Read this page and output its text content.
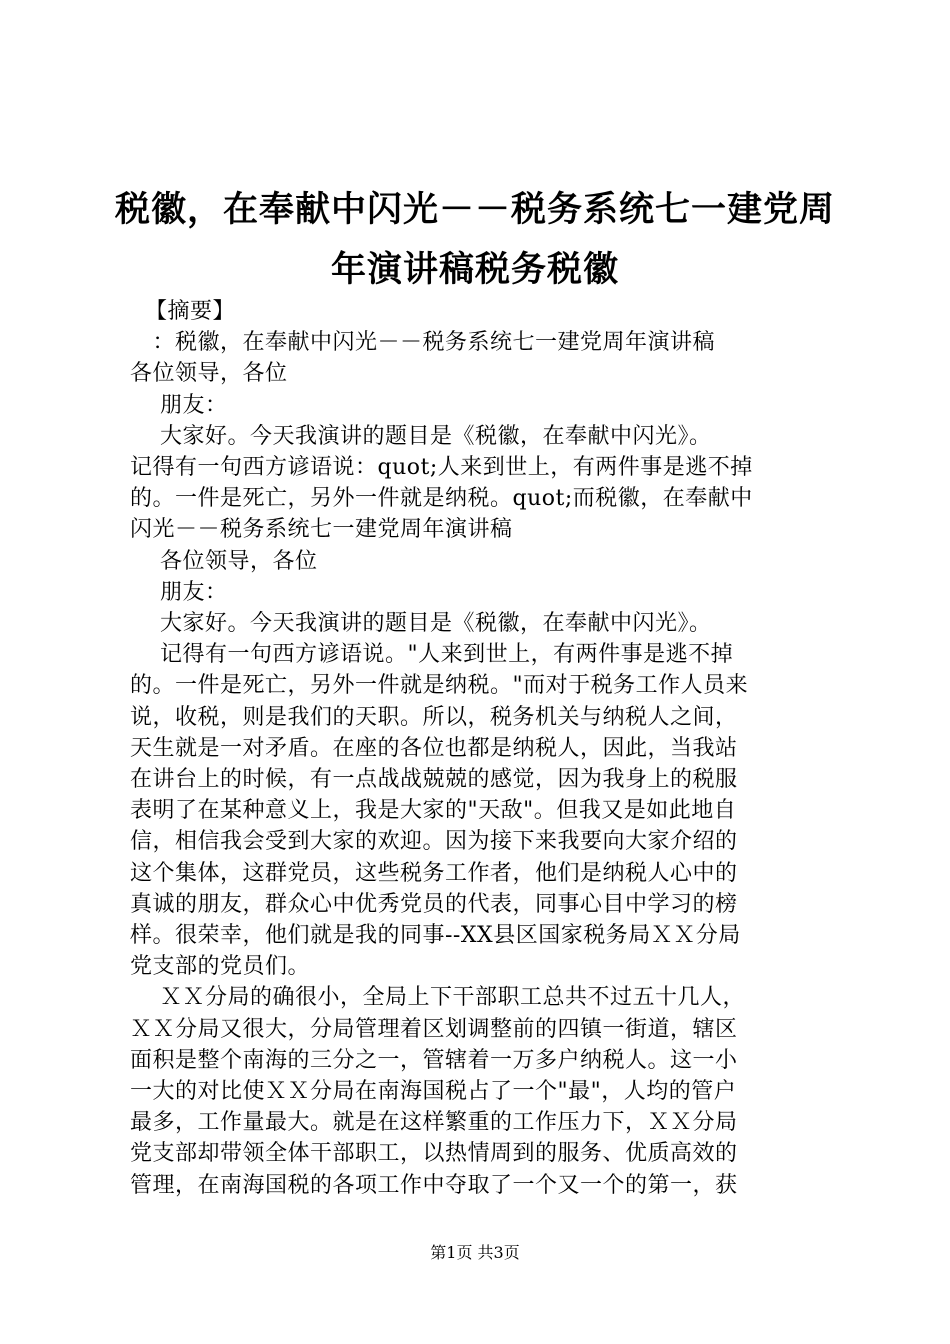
税徽，在奉献中闪光－－税务系统七一建党周
年演讲稿税务税徽

【摘要】

：税徽，在奉献中闪光－－税务系统七一建党周年演讲稿

各位领导，各位

朋友：

大家好。今天我演讲的题目是《税徽，在奉献中闪光》。

记得有一句西方谚语说：quot;人来到世上，有两件事是逃不掉

的。一件是死亡，另外一件就是纳税。quot;而税徽，在奉献中

闪光－－税务系统七一建党周年演讲稿

各位领导，各位

朋友：

大家好。今天我演讲的题目是《税徽，在奉献中闪光》。

记得有一句西方谚语说。"人来到世上，有两件事是逃不掉

的。一件是死亡，另外一件就是纳税。"而对于税务工作人员来

说，收税，则是我们的天职。所以，税务机关与纳税人之间，

天生就是一对矛盾。在座的各位也都是纳税人，因此，当我站

在讲台上的时候，有一点战战兢兢的感觉，因为我身上的税服

表明了在某种意义上，我是大家的"天敌"。但我又是如此地自

信，相信我会受到大家的欢迎。因为接下来我要向大家介绍的

这个集体，这群党员，这些税务工作者，他们是纳税人心中的

真诚的朋友，群众心中优秀党员的代表，同事心目中学习的榜

样。很荣幸，他们就是我的同事--XX县区国家税务局ＸＸ分局

党支部的党员们。

ＸＸ分局的确很小，全局上下干部职工总共不过五十几人，

ＸＸ分局又很大，分局管理着区划调整前的四镇一街道，辖区

面积是整个南海的三分之一，管辖着一万多户纳税人。这一小

一大的对比使ＸＸ分局在南海国税占了一个"最"，人均的管户

最多，工作量最大。就是在这样繁重的工作压力下，ＸＸ分局

党支部却带领全体干部职工，以热情周到的服务、优质高效的

管理，在南海国税的各项工作中夺取了一个又一个的第一，获

第1页 共3页
